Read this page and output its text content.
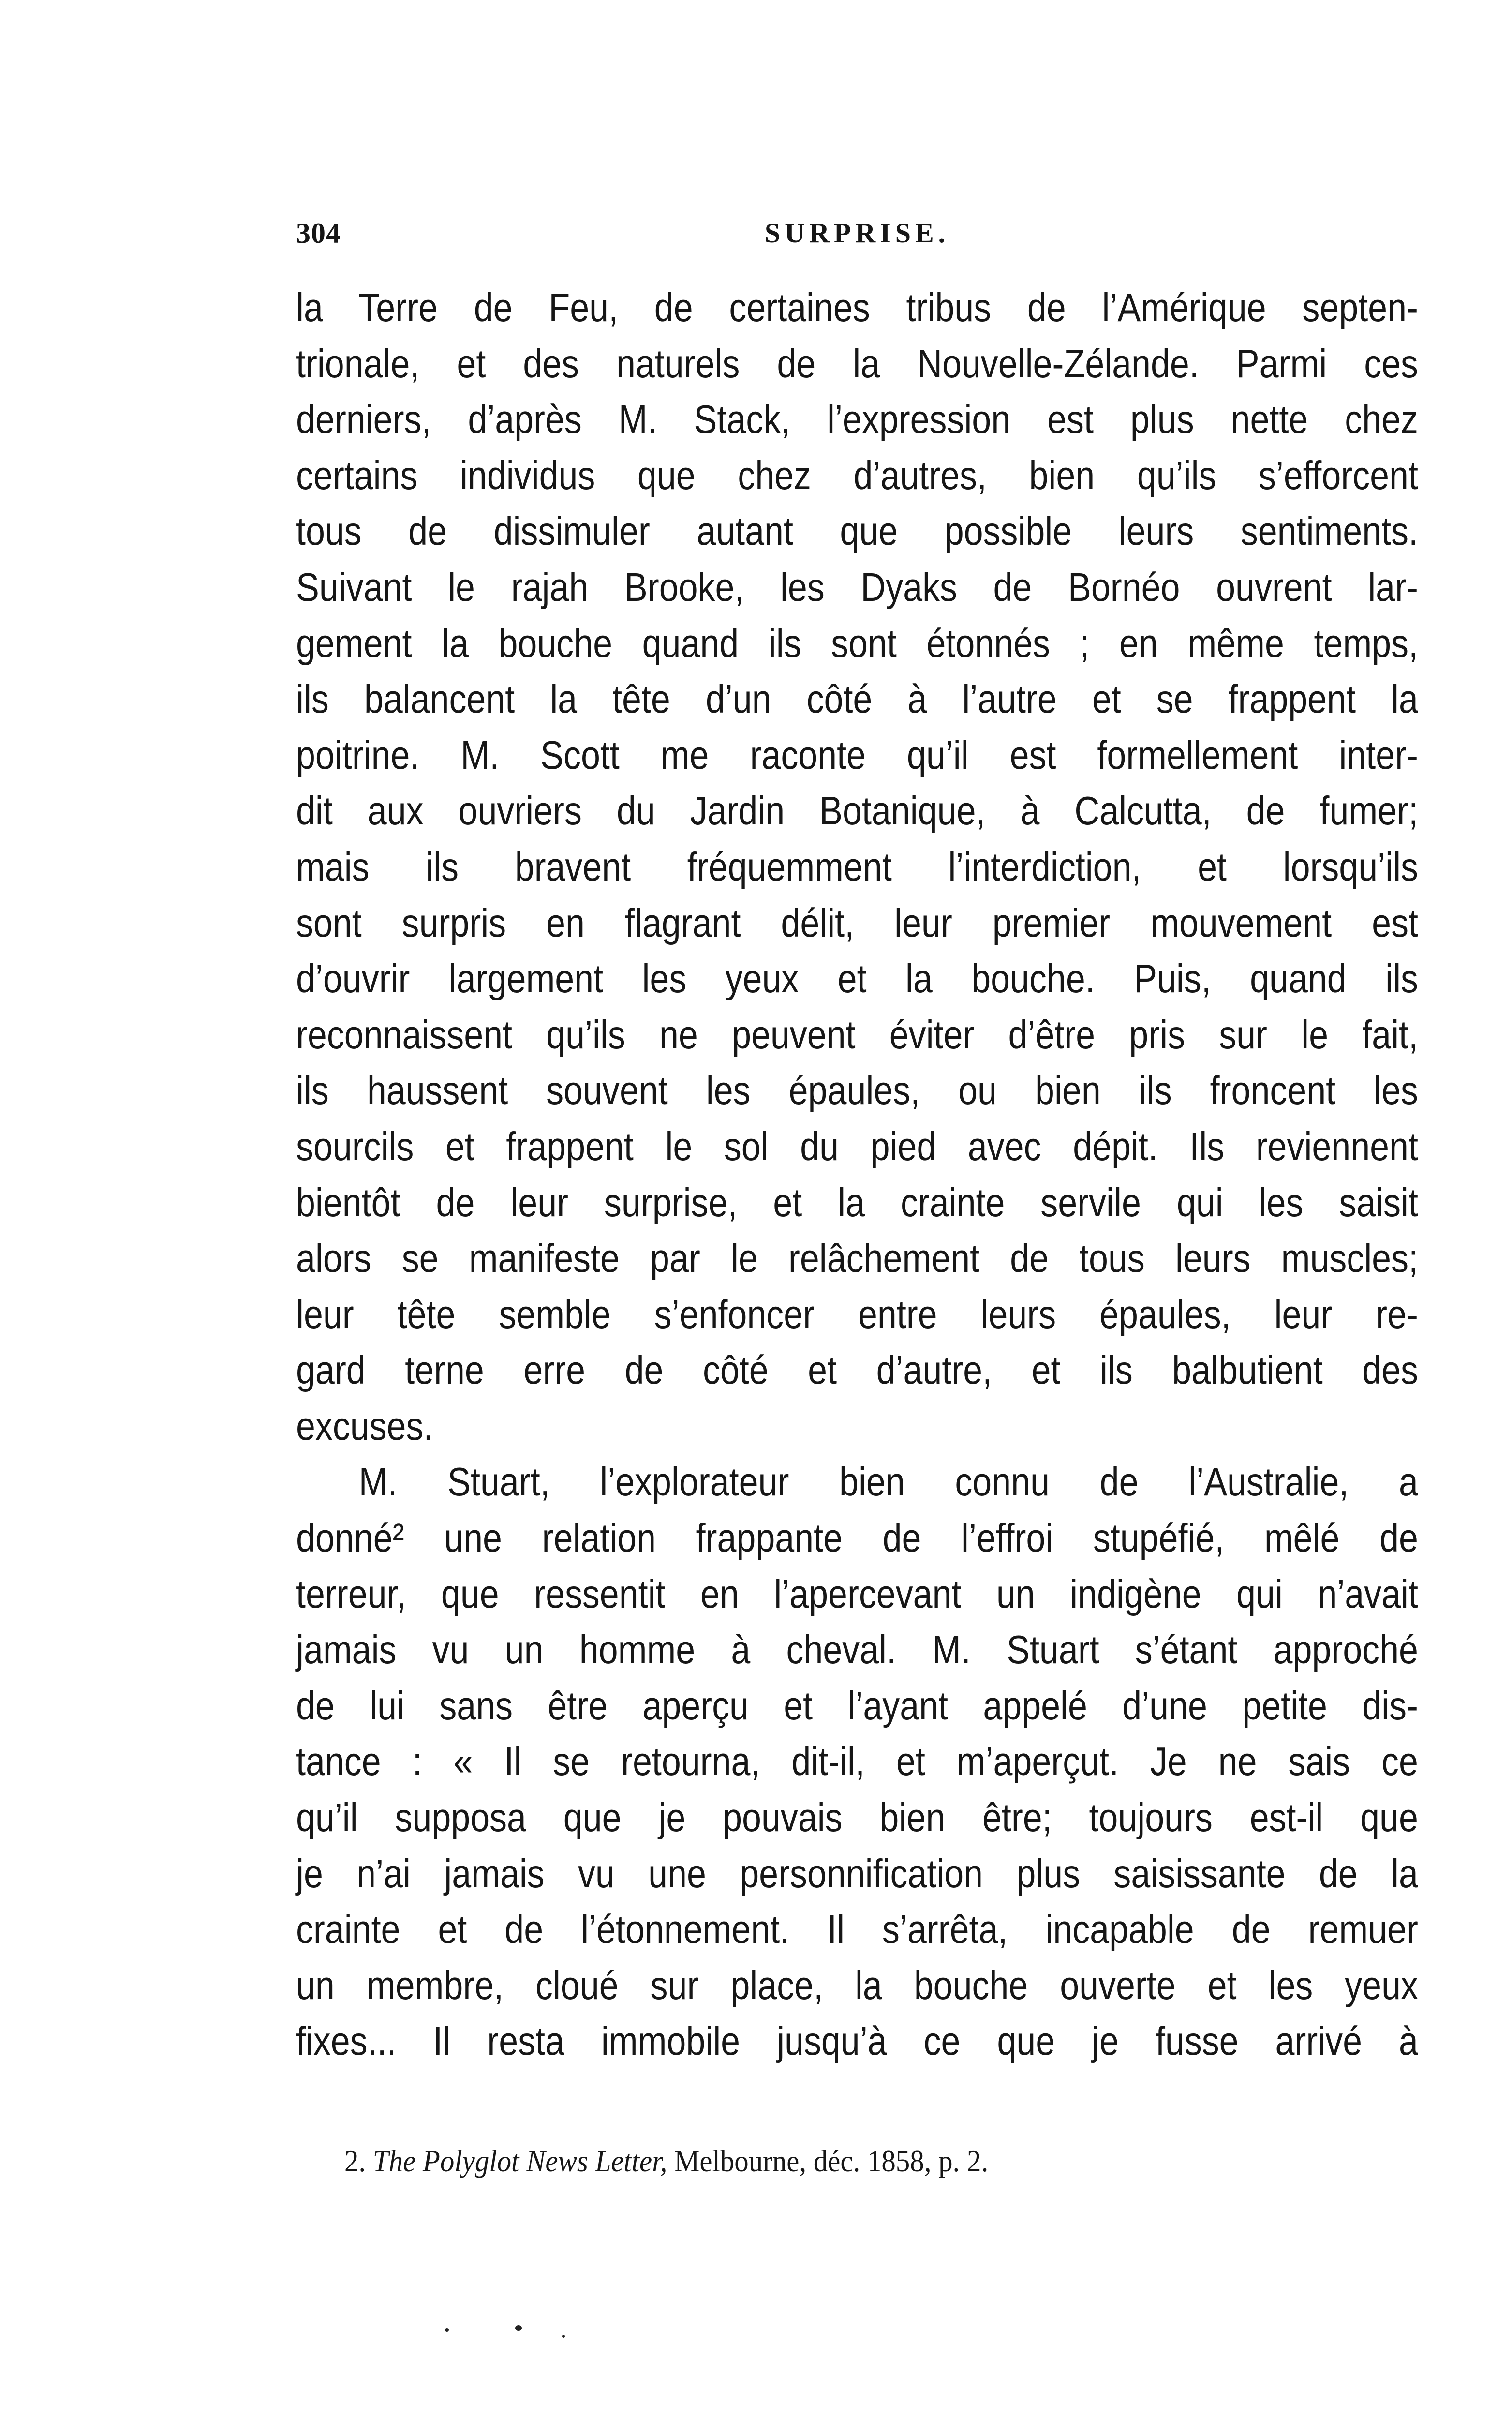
304	SURPRISE.
la Terre de Feu, de certaines tribus de l’Amérique septen-
trionale, et des naturels de la Nouvelle-Zélande. Parmi ces
derniers, d’après M. Stack, l’expression est plus nette chez
certains individus que chez d’autres, bien qu’ils s’efforcent
tous de dissimuler autant que possible leurs sentiments.
Suivant le rajah Brooke, les Dyaks de Bornéo ouvrent lar-
gement la bouche quand ils sont étonnés ; en même temps,
ils balancent la tête d’un côté à l’autre et se frappent la
poitrine. M. Scott me raconte qu’il est formellement inter-
dit aux ouvriers du Jardin Botanique, à Calcutta, de fumer;
mais ils bravent fréquemment l’interdiction, et lorsqu’ils
sont surpris en flagrant délit, leur premier mouvement est
d’ouvrir largement les yeux et la bouche. Puis, quand ils
reconnaissent qu’ils ne peuvent éviter d’être pris sur le fait,
ils haussent souvent les épaules, ou bien ils froncent les
sourcils et frappent le sol du pied avec dépit. Ils reviennent
bientôt de leur surprise, et la crainte servile qui les saisit
alors se manifeste par le relâchement de tous leurs muscles;
leur tête semble s’enfoncer entre leurs épaules, leur re-
gard terne erre de côté et d’autre, et ils balbutient des
excuses.
M. Stuart, l’explorateur bien connu de l’Australie, a
donné² une relation frappante de l’effroi stupéfié, mêlé de
terreur, que ressentit en l’apercevant un indigène qui n’avait
jamais vu un homme à cheval. M. Stuart s’étant approché
de lui sans être aperçu et l’ayant appelé d’une petite dis-
tance : « Il se retourna, dit-il, et m’aperçut. Je ne sais ce
qu’il supposa que je pouvais bien être; toujours est-il que
je n’ai jamais vu une personnification plus saisissante de la
crainte et de l’étonnement. Il s’arrêta, incapable de remuer
un membre, cloué sur place, la bouche ouverte et les yeux
fixes... Il resta immobile jusqu’à ce que je fusse arrivé à
2. The Polyglot News Letter, Melbourne, déc. 1858, p. 2.
